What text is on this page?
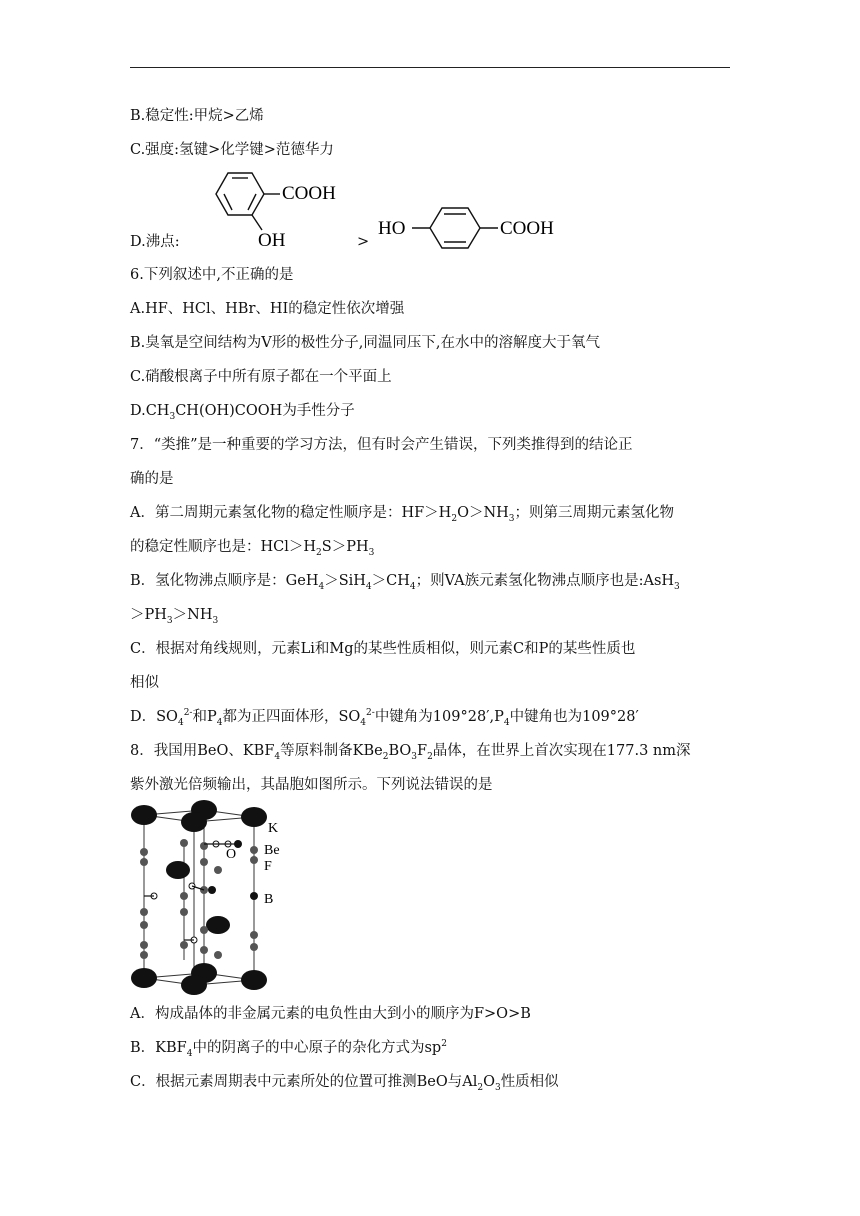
B.稳定性:甲烷>乙烯
C.强度:氢键>化学键>范德华力
COOH
OH
D.沸点:	>
HO	COOH
6.下列叙述中,不正确的是
A.HF、HCl、HBr、HI的稳定性依次增强
B.臭氧是空间结构为V形的极性分子,同温同压下,在水中的溶解度大于氧气
C.硝酸根离子中所有原子都在一个平面上
$D.CH_3CH(OH)COOH$为手性分子
7．“类推”是一种重要的学习方法，但有时会产生错误，下列类推得到的结论正
确的是
A．第二周期元素氢化物的稳定性顺序是：$HF>H_2O>NH_3$；则第三周期元素氢化物
的稳定性顺序也是：$HCl>H_2S>PH_3$
B．氢化物沸点顺序是：$GeH_4>SiH_4>CH_4$；则VA族元素氢化物沸点顺序也是:AsH$_3$
$>PH_3>NH_3$
C．根据对角线规则，元素Li和Mg的某些性质相似，则元素C和P的某些性质也
相似
D．$SO_4^{2-}$和$P_4$都为正四面体形，$SO_4^{2-}$中键角为$109^\circ 28',P_4$中键角也为109°28′
8．我国用BeO、$KBF_4$等原料制备$KBe_2BO_3F_2$晶体，在世界上首次实现在177.3 nm深
紫外激光倍频输出，其晶胞如图所示。下列说法错误的是
K
Be
O
F
B
A．构成晶体的非金属元素的电负性由大到小的顺序为F>O>B
B．$KBF_4$中的阴离子的中心原子的杂化方式为$sp^2$
C．根据元素周期表中元素所处的位置可推测BeO与$Al_2O_3$性质相似
